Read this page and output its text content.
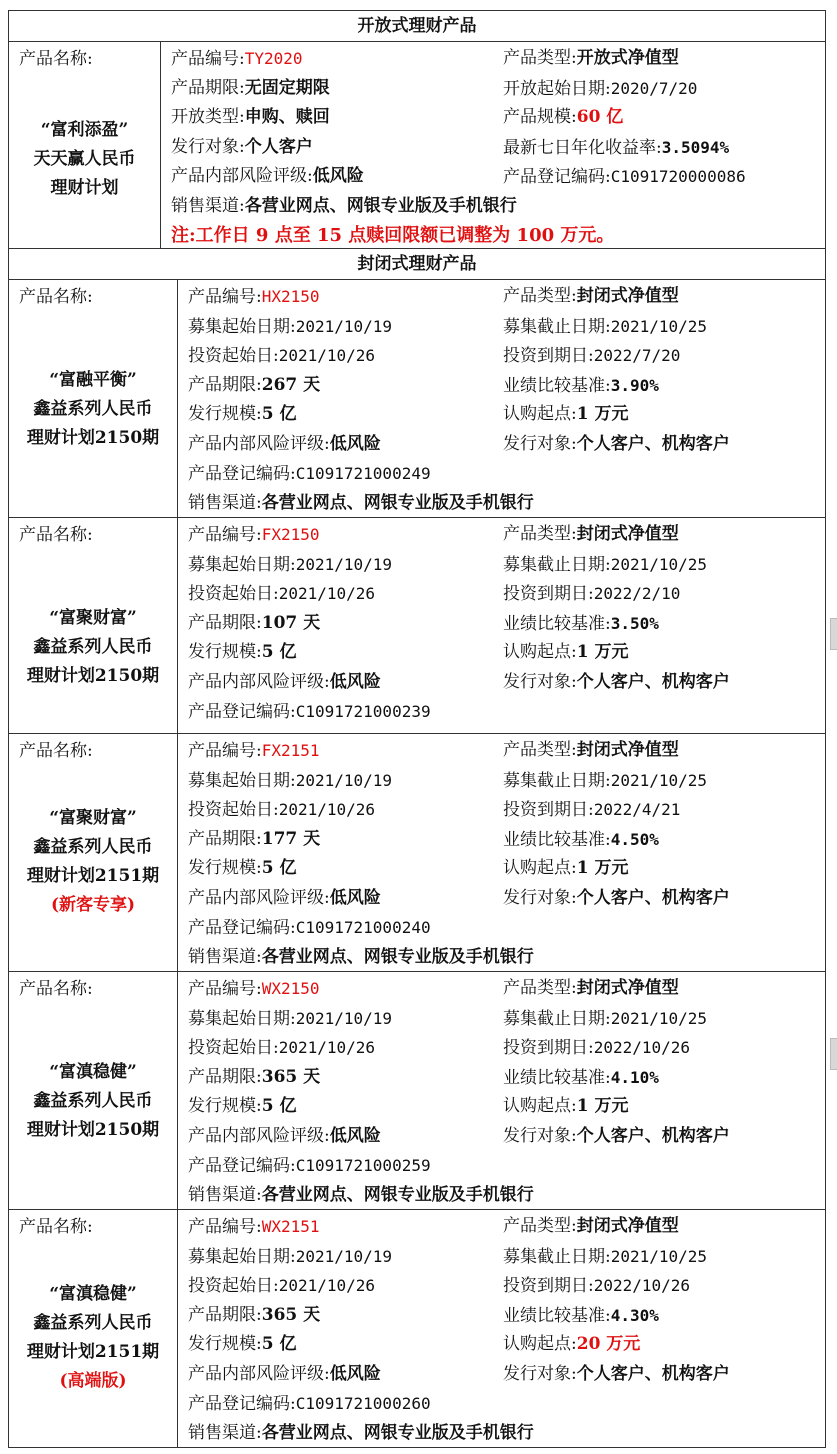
开放式理财产品
产品名称:
“富利添盈”
天天赢人民币
理财计划
产品编号:TY2020	产品类型:开放式净值型
产品期限:无固定期限	开放起始日期:2020/7/20
开放类型:申购、赎回	产品规模:60 亿
发行对象:个人客户	最新七日年化收益率:3.5094%
产品内部风险评级:低风险	产品登记编码:C1091720000086
销售渠道:各营业网点、网银专业版及手机银行
注:工作日 9 点至 15 点赎回限额已调整为 100 万元。
封闭式理财产品
产品名称:
“富融平衡”
鑫益系列人民币
理财计划2150期
产品编号:HX2150	产品类型:封闭式净值型
募集起始日期:2021/10/19	募集截止日期:2021/10/25
投资起始日:2021/10/26	投资到期日:2022/7/20
产品期限:267 天	业绩比较基准:3.90%
发行规模:5 亿	认购起点:1 万元
产品内部风险评级:低风险	发行对象:个人客户、机构客户
产品登记编码:C1091721000249
销售渠道:各营业网点、网银专业版及手机银行
产品名称:
“富聚财富”
鑫益系列人民币
理财计划2150期
产品编号:FX2150	产品类型:封闭式净值型
募集起始日期:2021/10/19	募集截止日期:2021/10/25
投资起始日:2021/10/26	投资到期日:2022/2/10
产品期限:107 天	业绩比较基准:3.50%
发行规模:5 亿	认购起点:1 万元
产品内部风险评级:低风险	发行对象:个人客户、机构客户
产品登记编码:C1091721000239
产品名称:
“富聚财富”
鑫益系列人民币
理财计划2151期
(新客专享)
产品编号:FX2151	产品类型:封闭式净值型
募集起始日期:2021/10/19	募集截止日期:2021/10/25
投资起始日:2021/10/26	投资到期日:2022/4/21
产品期限:177 天	业绩比较基准:4.50%
发行规模:5 亿	认购起点:1 万元
产品内部风险评级:低风险	发行对象:个人客户、机构客户
产品登记编码:C1091721000240
销售渠道:各营业网点、网银专业版及手机银行
产品名称:
“富滇稳健”
鑫益系列人民币
理财计划2150期
产品编号:WX2150	产品类型:封闭式净值型
募集起始日期:2021/10/19	募集截止日期:2021/10/25
投资起始日:2021/10/26	投资到期日:2022/10/26
产品期限:365 天	业绩比较基准:4.10%
发行规模:5 亿	认购起点:1 万元
产品内部风险评级:低风险	发行对象:个人客户、机构客户
产品登记编码:C1091721000259
销售渠道:各营业网点、网银专业版及手机银行
产品名称:
“富滇稳健”
鑫益系列人民币
理财计划2151期
(高端版)
产品编号:WX2151	产品类型:封闭式净值型
募集起始日期:2021/10/19	募集截止日期:2021/10/25
投资起始日:2021/10/26	投资到期日:2022/10/26
产品期限:365 天	业绩比较基准:4.30%
发行规模:5 亿	认购起点:20 万元
产品内部风险评级:低风险	发行对象:个人客户、机构客户
产品登记编码:C1091721000260
销售渠道:各营业网点、网银专业版及手机银行
